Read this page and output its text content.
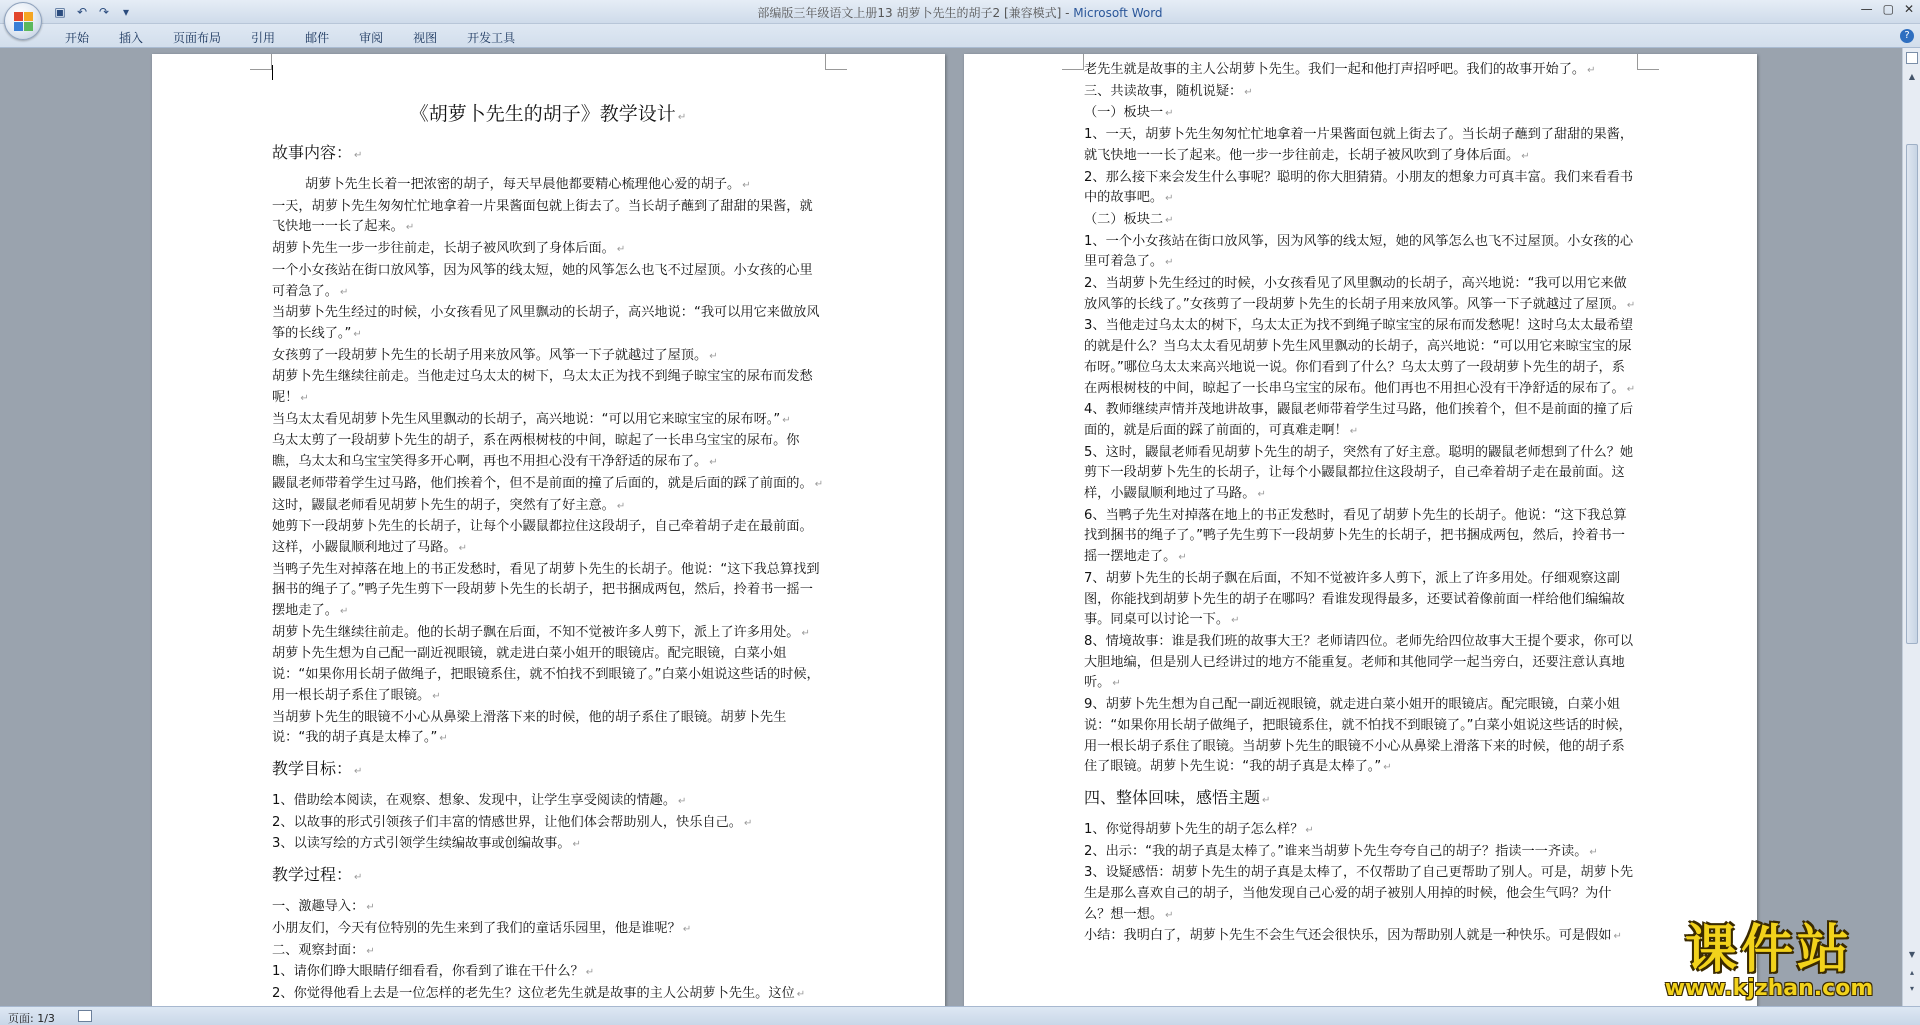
▣ ↶ ↷	▾	部编版三年级语文上册13 胡萝卜先生的胡子2 [兼容模式] - Microsoft Word	— ▢ ✕
开始	插入	页面布局	引用	邮件	审阅	视图	开发工具	?

《胡萝卜先生的胡子》教学设计 ↵

故事内容： ↵

胡萝卜先生长着一把浓密的胡子，每天早晨他都要精心梳理他心爱的胡子。 ↵

一天，胡萝卜先生匆匆忙忙地拿着一片果酱面包就上街去了。当长胡子蘸到了甜甜的果酱，就飞快地一一长了起来。 ↵

胡萝卜先生一步一步往前走，长胡子被风吹到了身体后面。 ↵

一个小女孩站在街口放风筝，因为风筝的线太短，她的风筝怎么也飞不过屋顶。小女孩的心里可着急了。 ↵

当胡萝卜先生经过的时候，小女孩看见了风里飘动的长胡子，高兴地说：“我可以用它来做放风筝的长线了。” ↵

女孩剪了一段胡萝卜先生的长胡子用来放风筝。风筝一下子就越过了屋顶。 ↵

胡萝卜先生继续往前走。当他走过乌太太的树下，乌太太正为找不到绳子晾宝宝的尿布而发愁呢！ ↵

当乌太太看见胡萝卜先生风里飘动的长胡子，高兴地说：“可以用它来晾宝宝的尿布呀。” ↵

乌太太剪了一段胡萝卜先生的胡子，系在两根树枝的中间，晾起了一长串乌宝宝的尿布。你瞧，乌太太和乌宝宝笑得多开心啊，再也不用担心没有干净舒适的尿布了。 ↵

鼹鼠老师带着学生过马路，他们挨着个，但不是前面的撞了后面的，就是后面的踩了前面的。 ↵

这时，鼹鼠老师看见胡萝卜先生的胡子，突然有了好主意。 ↵

她剪下一段胡萝卜先生的长胡子，让每个小鼹鼠都拉住这段胡子，自己牵着胡子走在最前面。这样，小鼹鼠顺利地过了马路。 ↵

当鸭子先生对掉落在地上的书正发愁时，看见了胡萝卜先生的长胡子。他说：“这下我总算找到捆书的绳子了。”鸭子先生剪下一段胡萝卜先生的长胡子，把书捆成两包，然后，拎着书一摇一摆地走了。 ↵

胡萝卜先生继续往前走。他的长胡子飘在后面，不知不觉被许多人剪下，派上了许多用处。 ↵

胡萝卜先生想为自己配一副近视眼镜，就走进白菜小姐开的眼镜店。配完眼镜，白菜小姐说：“如果你用长胡子做绳子，把眼镜系住，就不怕找不到眼镜了。”白菜小姐说这些话的时候，用一根长胡子系住了眼镜。 ↵

当胡萝卜先生的眼镜不小心从鼻梁上滑落下来的时候，他的胡子系住了眼镜。胡萝卜先生说：“我的胡子真是太棒了。” ↵

教学目标： ↵

1、借助绘本阅读，在观察、想象、发现中，让学生享受阅读的情趣。 ↵

2、以故事的形式引领孩子们丰富的情感世界，让他们体会帮助别人，快乐自己。 ↵

3、以读写绘的方式引领学生续编故事或创编故事。 ↵

教学过程： ↵

一、激趣导入： ↵

小朋友们，今天有位特别的先生来到了我们的童话乐园里，他是谁呢？ ↵

二、观察封面： ↵

1、请你们睁大眼睛仔细看看，你看到了谁在干什么？ ↵

2、你觉得他看上去是一位怎样的老先生？这位老先生就是故事的主人公胡萝卜先生。这位 ↵

老先生就是故事的主人公胡萝卜先生。我们一起和他打声招呼吧。我们的故事开始了。 ↵

三、共读故事，随机说疑： ↵

（一）板块一 ↵

1、一天，胡萝卜先生匆匆忙忙地拿着一片果酱面包就上街去了。当长胡子蘸到了甜甜的果酱，就飞快地一一长了起来。他一步一步往前走，长胡子被风吹到了身体后面。 ↵

2、那么接下来会发生什么事呢？聪明的你大胆猜猜。小朋友的想象力可真丰富。我们来看看书中的故事吧。 ↵

（二）板块二 ↵

1、一个小女孩站在街口放风筝，因为风筝的线太短，她的风筝怎么也飞不过屋顶。小女孩的心里可着急了。 ↵

2、当胡萝卜先生经过的时候，小女孩看见了风里飘动的长胡子，高兴地说：“我可以用它来做放风筝的长线了。”女孩剪了一段胡萝卜先生的长胡子用来放风筝。风筝一下子就越过了屋顶。 ↵

3、当他走过乌太太的树下，乌太太正为找不到绳子晾宝宝的尿布而发愁呢！这时乌太太最希望的就是什么？当乌太太看见胡萝卜先生风里飘动的长胡子，高兴地说：“可以用它来晾宝宝的尿布呀。”哪位乌太太来高兴地说一说。你们看到了什么？乌太太剪了一段胡萝卜先生的胡子，系在两根树枝的中间，晾起了一长串乌宝宝的尿布。他们再也不用担心没有干净舒适的尿布了。 ↵

4、教师继续声情并茂地讲故事，鼹鼠老师带着学生过马路，他们挨着个，但不是前面的撞了后面的，就是后面的踩了前面的，可真难走啊！ ↵

5、这时，鼹鼠老师看见胡萝卜先生的胡子，突然有了好主意。聪明的鼹鼠老师想到了什么？她剪下一段胡萝卜先生的长胡子，让每个小鼹鼠都拉住这段胡子，自己牵着胡子走在最前面。这样，小鼹鼠顺利地过了马路。 ↵

6、当鸭子先生对掉落在地上的书正发愁时，看见了胡萝卜先生的长胡子。他说：“这下我总算找到捆书的绳子了。”鸭子先生剪下一段胡萝卜先生的长胡子，把书捆成两包，然后，拎着书一摇一摆地走了。 ↵

7、胡萝卜先生的长胡子飘在后面，不知不觉被许多人剪下，派上了许多用处。仔细观察这副图，你能找到胡萝卜先生的胡子在哪吗？看谁发现得最多，还要试着像前面一样给他们编编故事。同桌可以讨论一下。 ↵

8、情境故事：谁是我们班的故事大王？老师请四位。老师先给四位故事大王提个要求，你可以大胆地编，但是别人已经讲过的地方不能重复。老师和其他同学一起当旁白，还要注意认真地听。 ↵

9、胡萝卜先生想为自己配一副近视眼镜，就走进白菜小姐开的眼镜店。配完眼镜，白菜小姐说：“如果你用长胡子做绳子，把眼镜系住，就不怕找不到眼镜了。”白菜小姐说这些话的时候，用一根长胡子系住了眼镜。当胡萝卜先生的眼镜不小心从鼻梁上滑落下来的时候，他的胡子系住了眼镜。胡萝卜先生说：“我的胡子真是太棒了。” ↵

四、整体回味，感悟主题 ↵

1、你觉得胡萝卜先生的胡子怎么样？ ↵

2、出示：“我的胡子真是太棒了。”谁来当胡萝卜先生夸夸自己的胡子？指读一一齐读。 ↵

3、设疑感悟：胡萝卜先生的胡子真是太棒了，不仅帮助了自己更帮助了别人。可是，胡萝卜先生是那么喜欢自己的胡子，当他发现自己心爱的胡子被别人用掉的时候，他会生气吗？为什么？想一想。 ↵

小结：我明白了，胡萝卜先生不会生气还会很快乐，因为帮助别人就是一种快乐。可是假如 ↵

▲
▼
▴
▾
页面: 1/3
课件站
www.kjzhan.com
